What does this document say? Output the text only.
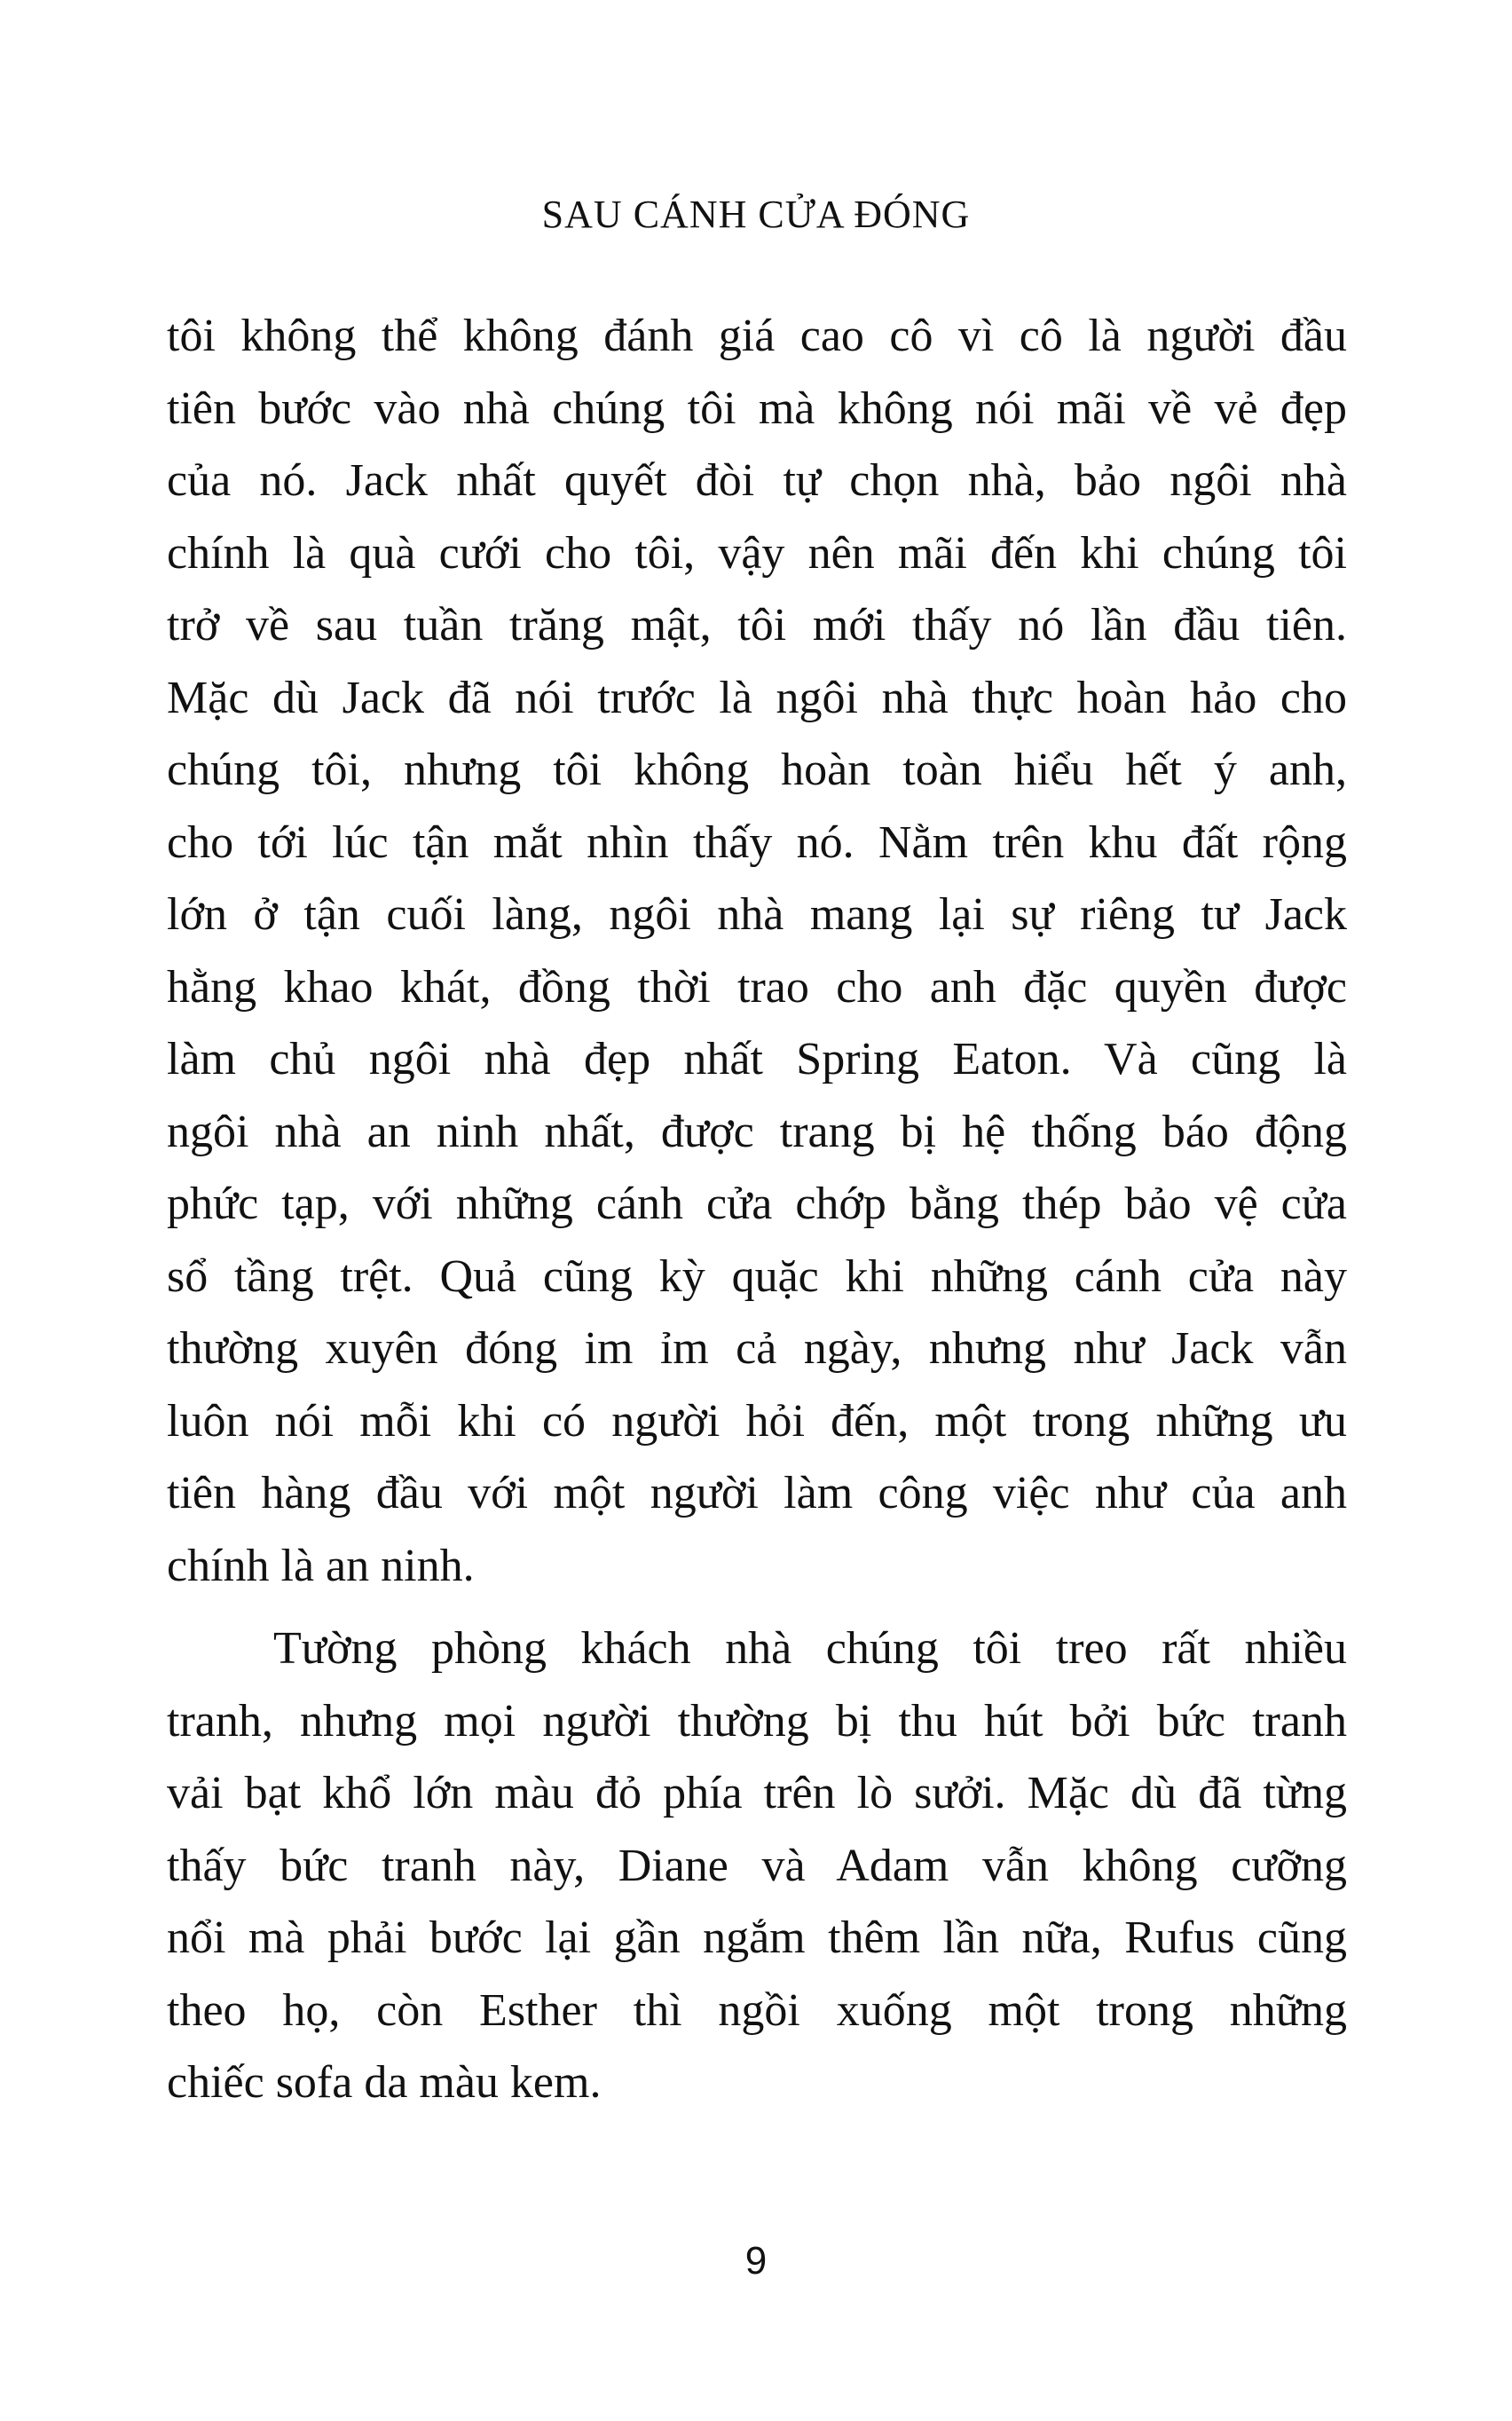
SAU CÁNH CỬA ĐÓNG

tôi không thể không đánh giá cao cô vì cô là người đầu
tiên bước vào nhà chúng tôi mà không nói mãi về vẻ đẹp
của nó. Jack nhất quyết đòi tự chọn nhà, bảo ngôi nhà
chính là quà cưới cho tôi, vậy nên mãi đến khi chúng tôi
trở về sau tuần trăng mật, tôi mới thấy nó lần đầu tiên.
Mặc dù Jack đã nói trước là ngôi nhà thực hoàn hảo cho
chúng tôi, nhưng tôi không hoàn toàn hiểu hết ý anh,
cho tới lúc tận mắt nhìn thấy nó. Nằm trên khu đất rộng
lớn ở tận cuối làng, ngôi nhà mang lại sự riêng tư Jack
hằng khao khát, đồng thời trao cho anh đặc quyền được
làm chủ ngôi nhà đẹp nhất Spring Eaton. Và cũng là
ngôi nhà an ninh nhất, được trang bị hệ thống báo động
phức tạp, với những cánh cửa chớp bằng thép bảo vệ cửa
sổ tầng trệt. Quả cũng kỳ quặc khi những cánh cửa này
thường xuyên đóng im ỉm cả ngày, nhưng như Jack vẫn
luôn nói mỗi khi có người hỏi đến, một trong những ưu
tiên hàng đầu với một người làm công việc như của anh
chính là an ninh.

Tường phòng khách nhà chúng tôi treo rất nhiều
tranh, nhưng mọi người thường bị thu hút bởi bức tranh
vải bạt khổ lớn màu đỏ phía trên lò sưởi. Mặc dù đã từng
thấy bức tranh này, Diane và Adam vẫn không cưỡng
nổi mà phải bước lại gần ngắm thêm lần nữa, Rufus cũng
theo họ, còn Esther thì ngồi xuống một trong những
chiếc sofa da màu kem.

9
